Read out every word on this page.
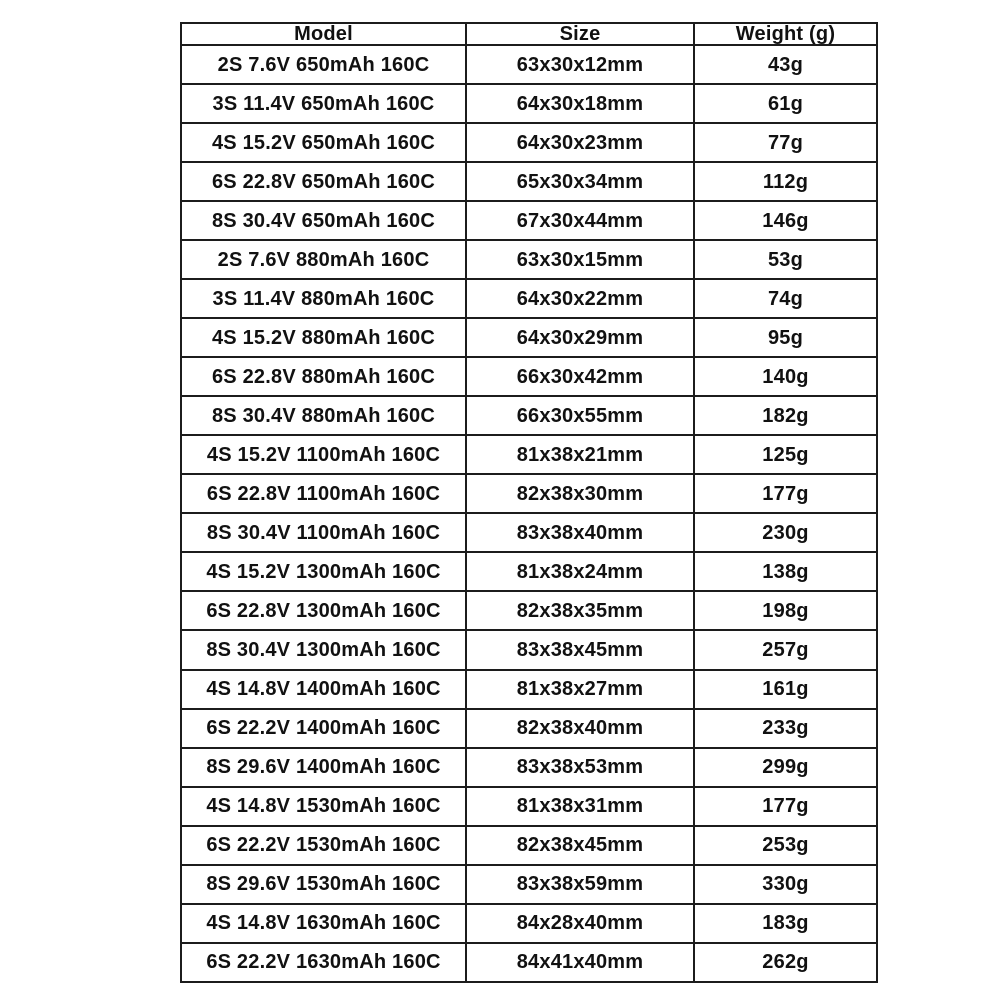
Model	Size	Weight (g)
2S 7.6V 650mAh 160C	63x30x12mm	43g
3S 11.4V 650mAh 160C	64x30x18mm	61g
4S 15.2V 650mAh 160C	64x30x23mm	77g
6S 22.8V 650mAh 160C	65x30x34mm	112g
8S 30.4V 650mAh 160C	67x30x44mm	146g
2S 7.6V 880mAh 160C	63x30x15mm	53g
3S 11.4V 880mAh 160C	64x30x22mm	74g
4S 15.2V 880mAh 160C	64x30x29mm	95g
6S 22.8V 880mAh 160C	66x30x42mm	140g
8S 30.4V 880mAh 160C	66x30x55mm	182g
4S 15.2V 1100mAh 160C	81x38x21mm	125g
6S 22.8V 1100mAh 160C	82x38x30mm	177g
8S 30.4V 1100mAh 160C	83x38x40mm	230g
4S 15.2V 1300mAh 160C	81x38x24mm	138g
6S 22.8V 1300mAh 160C	82x38x35mm	198g
8S 30.4V 1300mAh 160C	83x38x45mm	257g
4S 14.8V 1400mAh 160C	81x38x27mm	161g
6S 22.2V 1400mAh 160C	82x38x40mm	233g
8S 29.6V 1400mAh 160C	83x38x53mm	299g
4S 14.8V 1530mAh 160C	81x38x31mm	177g
6S 22.2V 1530mAh 160C	82x38x45mm	253g
8S 29.6V 1530mAh 160C	83x38x59mm	330g
4S 14.8V 1630mAh 160C	84x28x40mm	183g
6S 22.2V 1630mAh 160C	84x41x40mm	262g
